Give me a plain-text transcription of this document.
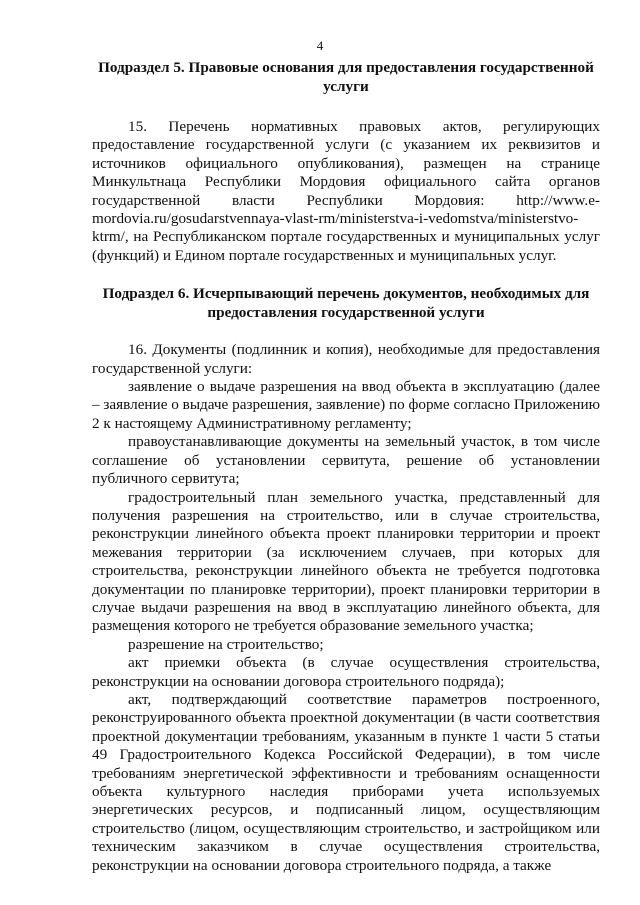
4

Подраздел 5. Правовые основания для предоставления государственной услуги

15. Перечень нормативных правовых актов, регулирующих предоставление государственной услуги (с указанием их реквизитов и источников официального опубликования), размещен на странице Минкультнаца Республики Мордовия официального сайта органов государственной власти Республики Мордовия: http://www.e-mordovia.ru/gosudarstvennaya-vlast-rm/ministerstva-i-vedomstva/ministerstvo-ktrm/, на Республиканском портале государственных и муниципальных услуг (функций) и Едином портале государственных и муниципальных услуг.

Подраздел 6. Исчерпывающий перечень документов, необходимых для предоставления государственной услуги

16. Документы (подлинник и копия), необходимые для предоставления государственной услуги:

заявление о выдаче разрешения на ввод объекта в эксплуатацию (далее – заявление о выдаче разрешения, заявление) по форме согласно Приложению 2 к настоящему Административному регламенту;

правоустанавливающие документы на земельный участок, в том числе соглашение об установлении сервитута, решение об установлении публичного сервитута;

градостроительный план земельного участка, представленный для получения разрешения на строительство, или в случае строительства, реконструкции линейного объекта проект планировки территории и проект межевания территории (за исключением случаев, при которых для строительства, реконструкции линейного объекта не требуется подготовка документации по планировке территории), проект планировки территории в случае выдачи разрешения на ввод в эксплуатацию линейного объекта, для размещения которого не требуется образование земельного участка;

разрешение на строительство;

акт приемки объекта (в случае осуществления строительства, реконструкции на основании договора строительного подряда);

акт, подтверждающий соответствие параметров построенного, реконструированного объекта проектной документации (в части соответствия проектной документации требованиям, указанным в пункте 1 части 5 статьи 49 Градостроительного Кодекса Российской Федерации), в том числе требованиям энергетической эффективности и требованиям оснащенности объекта культурного наследия приборами учета используемых энергетических ресурсов, и подписанный лицом, осуществляющим строительство (лицом, осуществляющим строительство, и застройщиком или техническим заказчиком в случае осуществления строительства, реконструкции на основании договора строительного подряда, а также
